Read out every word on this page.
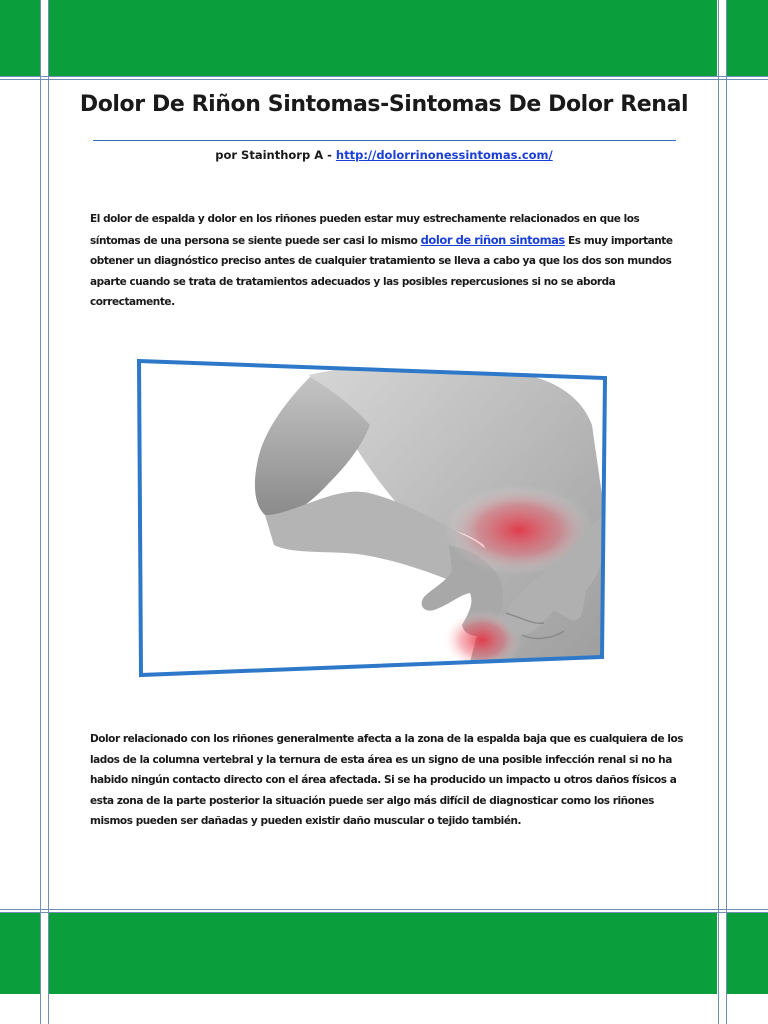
Dolor De Riñon Sintomas-Sintomas De Dolor Renal
por Stainthorp A - http://dolorrinonessintomas.com/
El dolor de espalda y dolor en los riñones pueden estar muy estrechamente relacionados en que los síntomas de una persona se siente puede ser casi lo mismo dolor de riñon sintomas Es muy importante obtener un diagnóstico preciso antes de cualquier tratamiento se lleva a cabo ya que los dos son mundos aparte cuando se trata de tratamientos adecuados y las posibles repercusiones si no se aborda correctamente.
Dolor relacionado con los riñones generalmente afecta a la zona de la espalda baja que es cualquiera de los lados de la columna vertebral y la ternura de esta área es un signo de una posible infección renal si no ha habido ningún contacto directo con el área afectada. Si se ha producido un impacto u otros daños físicos a esta zona de la parte posterior la situación puede ser algo más difícil de diagnosticar como los riñones mismos pueden ser dañadas y pueden existir daño muscular o tejido también.
